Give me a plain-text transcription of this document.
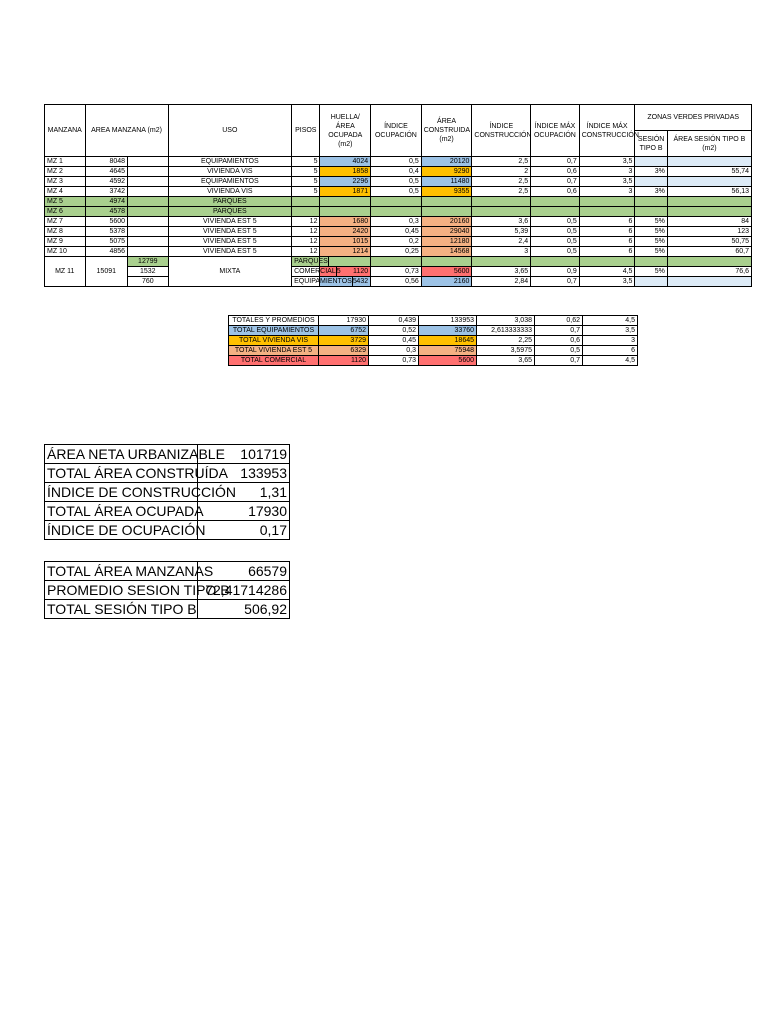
MANZANA	AREA MANZANA (m2)		USO	PISOS	HUELLA/ ÁREA OCUPADA (m2)	ÍNDICE OCUPACIÓN	ÁREA CONSTRUIDA (m2)	ÍNDICE CONSTRUCCIÓN	ÍNDICE MÁX OCUPACIÓN	ÍNDICE MÁX CONSTRUCCIÓN	ZONAS VERDES PRIVADAS	
											SESIÓN TIPO B	ÁREA SESIÓN TIPO B (m2)
MZ 1	8048		EQUIPAMIENTOS	5	4024	0,5	20120	2,5	0,7	3,5		
MZ 2	4645		VIVIENDA VIS	5	1858	0,4	9290	2	0,6	3	3%	55,74
MZ 3	4592		EQUIPAMIENTOS	5	2296	0,5	11480	2,5	0,7	3,5		
MZ 4	3742		VIVIENDA VIS	5	1871	0,5	9355	2,5	0,6	3	3%	56,13
MZ 5	4974		PARQUES									
MZ 6	4578		PARQUES									
MZ 7	5600		VIVIENDA EST 5	12	1680	0,3	20160	3,6	0,5	6	5%	84
MZ 8	5378		VIVIENDA EST 5	12	2420	0,45	29040	5,39	0,5	6	5%	123
MZ 9	5075		VIVIENDA EST 5	12	1015	0,2	12180	2,4	0,5	6	5%	50,75
MZ 10	4856		VIVIENDA EST 5	12	1214	0,25	14568	3	0,5	6	5%	60,7
MZ 11	15091	12799	MIXTA	PARQUES								

		1532		COMERCIAL 5	1120	0,73	5600	3,65	0,9	4,5	5%	76,6
		760		EQUIPAMIENTOS 5	432	0,56	2160	2,84	0,7	3,5		
TOTALES Y PROMEDIOS	17930	0,439	133953	3,038	0,62	4,5
TOTAL EQUIPAMIENTOS	6752	0,52	33760	2,613333333	0,7	3,5
TOTAL VIVIENDA VIS	3729	0,45	18645	2,25	0,6	3
TOTAL VIVIENDA EST 5	6329	0,3	75948	3,5975	0,5	6
TOTAL COMERCIAL	1120	0,73	5600	3,65	0,7	4,5
ÁREA NETA URBANIZABLE	101719
TOTAL ÁREA CONSTRUÍDA	133953
ÍNDICE DE CONSTRUCCIÓN	1,31
TOTAL ÁREA OCUPADA	17930
ÍNDICE DE OCUPACIÓN	0,17
TOTAL ÁREA MANZANAS	66579
PROMEDIO SESION TIPO B	72,41714286
TOTAL SESIÓN TIPO B	506,92
